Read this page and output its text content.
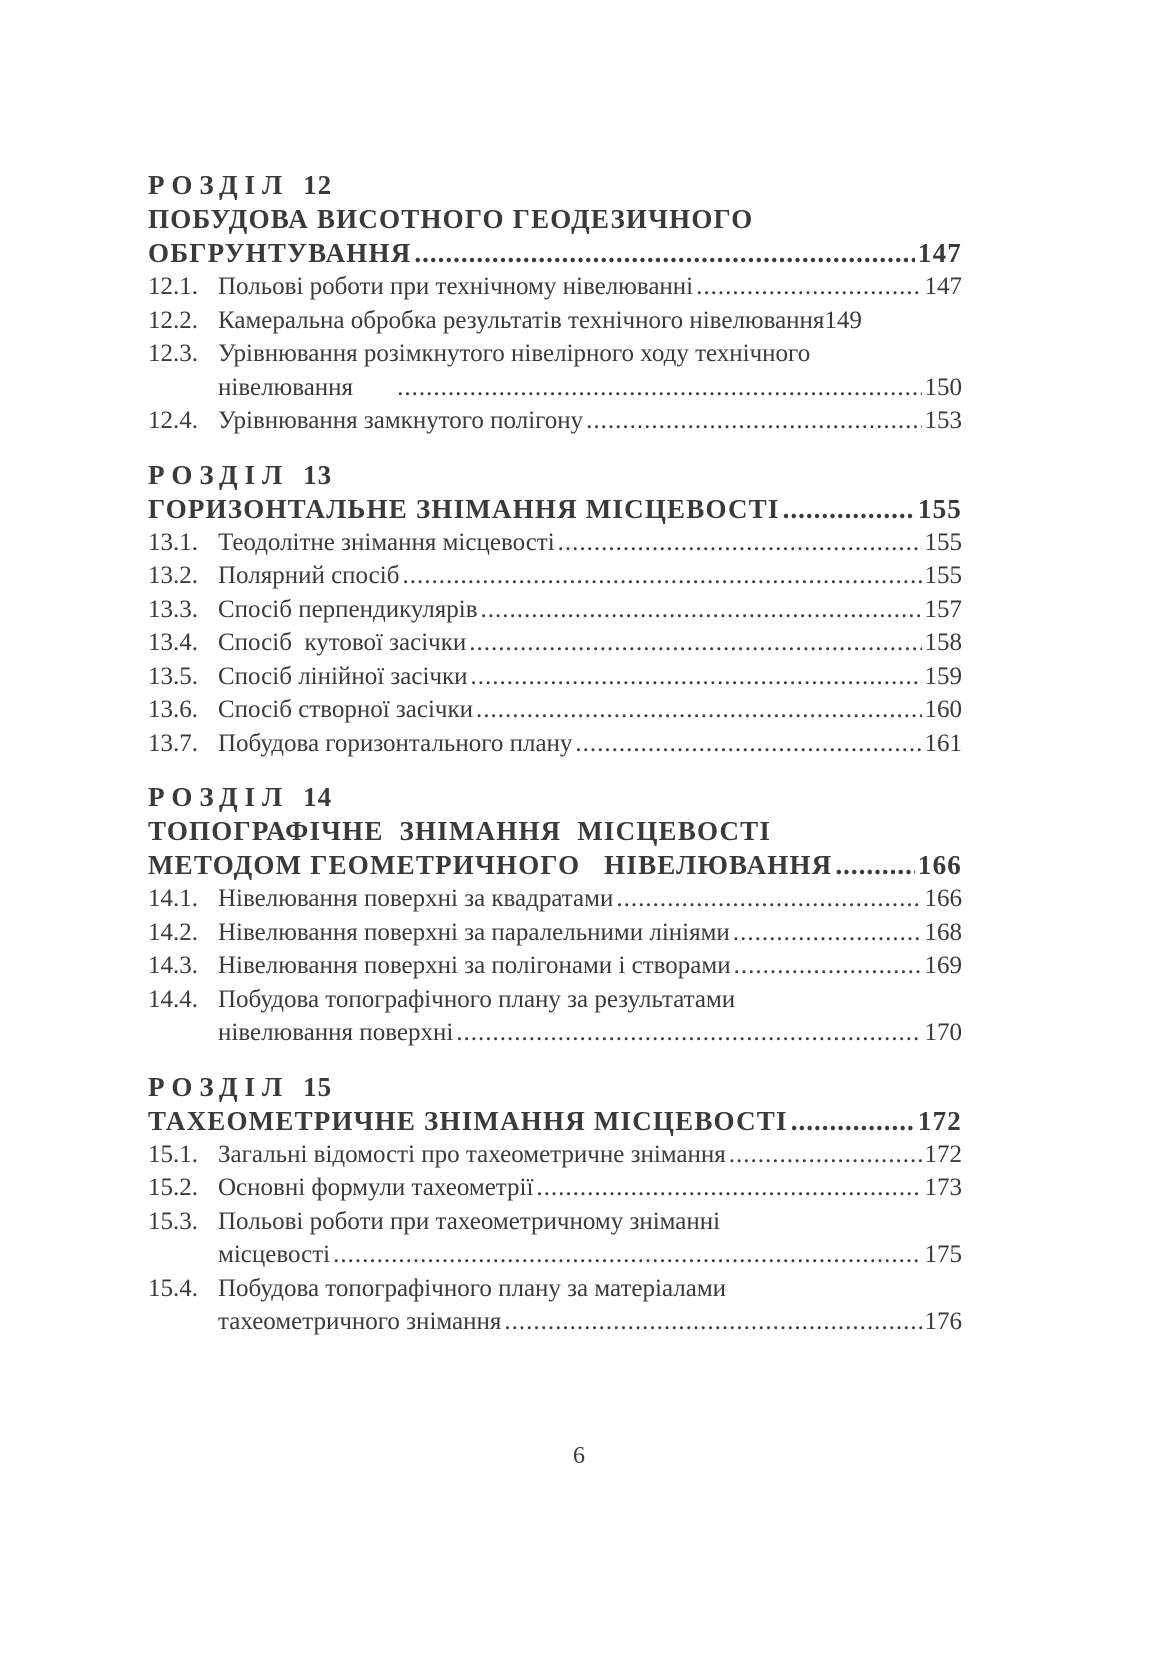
РОЗДІЛ 12
ПОБУДОВА ВИСОТНОГО ГЕОДЕЗИЧНОГО
ОБГРУНТУВАННЯ .....	147
12.1. Польові роботи при технічному нівелюванні .....	147
12.2. Камеральна обробка результатів технічного нівелювання 149
12.3. Урівнювання розімкнутого нівелірного ходу технічного
нівелювання .....	150
12.4. Урівнювання замкнутого полігону .....	153
РОЗДІЛ 13
ГОРИЗОНТАЛЬНЕ ЗНІМАННЯ МІСЦЕВОСТІ .....	155
13.1. Теодолітне знімання місцевості .....	155
13.2. Полярний спосіб .....	155
13.3. Спосіб перпендикулярів .....	157
13.4. Спосіб  кутової засічки .....	158
13.5. Спосіб лінійної засічки .....	159
13.6. Спосіб створної засічки .....	160
13.7. Побудова горизонтального плану .....	161
РОЗДІЛ 14
ТОПОГРАФІЧНЕ  ЗНІМАННЯ  МІСЦЕВОСТІ
МЕТОДОМ ГЕОМЕТРИЧНОГО   НІВЕЛЮВАННЯ .....	166
14.1. Нівелювання поверхні за квадратами .....	166
14.2. Нівелювання поверхні за паралельними лініями .....	168
14.3. Нівелювання поверхні за полігонами і створами .....	169
14.4. Побудова топографічного плану за результатами
нівелювання поверхні .....	170
РОЗДІЛ 15
ТАХЕОМЕТРИЧНЕ ЗНІМАННЯ МІСЦЕВОСТІ .....	172
15.1. Загальні відомості про тахеометричне знімання .....	172
15.2. Основні формули тахеометрії .....	173
15.3. Польові роботи при тахеометричному зніманні
місцевості .....	175
15.4. Побудова топографічного плану за матеріалами
тахеометричного знімання .....	176
6
